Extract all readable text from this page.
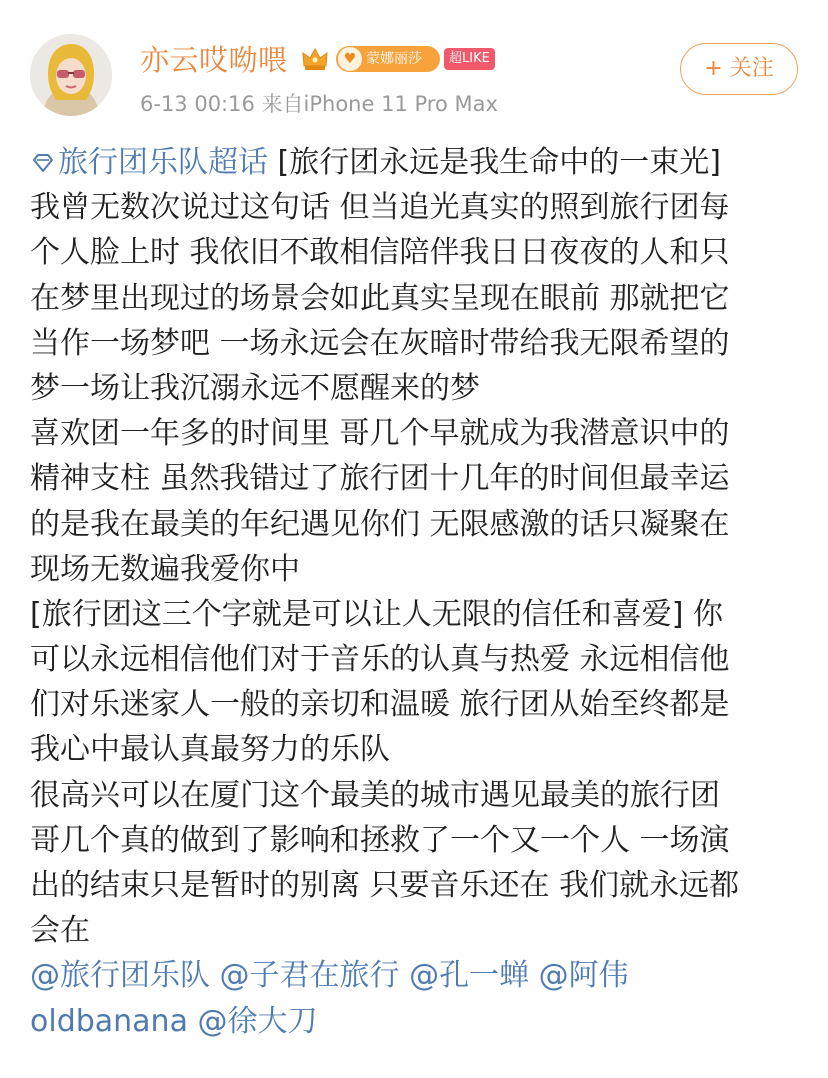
亦云哎呦喂	♥ 蒙娜丽莎	超LIKE
6-13 00:16 来自iPhone 11 Pro Max
+ 关注
旅行团乐队超话 [旅行团永远是我生命中的一束光]
我曾无数次说过这句话 但当追光真实的照到旅行团每
个人脸上时 我依旧不敢相信陪伴我日日夜夜的人和只
在梦里出现过的场景会如此真实呈现在眼前 那就把它
当作一场梦吧 一场永远会在灰暗时带给我无限希望的
梦一场让我沉溺永远不愿醒来的梦
喜欢团一年多的时间里 哥几个早就成为我潜意识中的
精神支柱 虽然我错过了旅行团十几年的时间但最幸运
的是我在最美的年纪遇见你们 无限感激的话只凝聚在
现场无数遍我爱你中
[旅行团这三个字就是可以让人无限的信任和喜爱] 你
可以永远相信他们对于音乐的认真与热爱 永远相信他
们对乐迷家人一般的亲切和温暖 旅行团从始至终都是
我心中最认真最努力的乐队
很高兴可以在厦门这个最美的城市遇见最美的旅行团
哥几个真的做到了影响和拯救了一个又一个人 一场演
出的结束只是暂时的别离 只要音乐还在 我们就永远都
会在
@旅行团乐队 @子君在旅行 @孔一蝉 @阿伟
oldbanana @徐大刀
